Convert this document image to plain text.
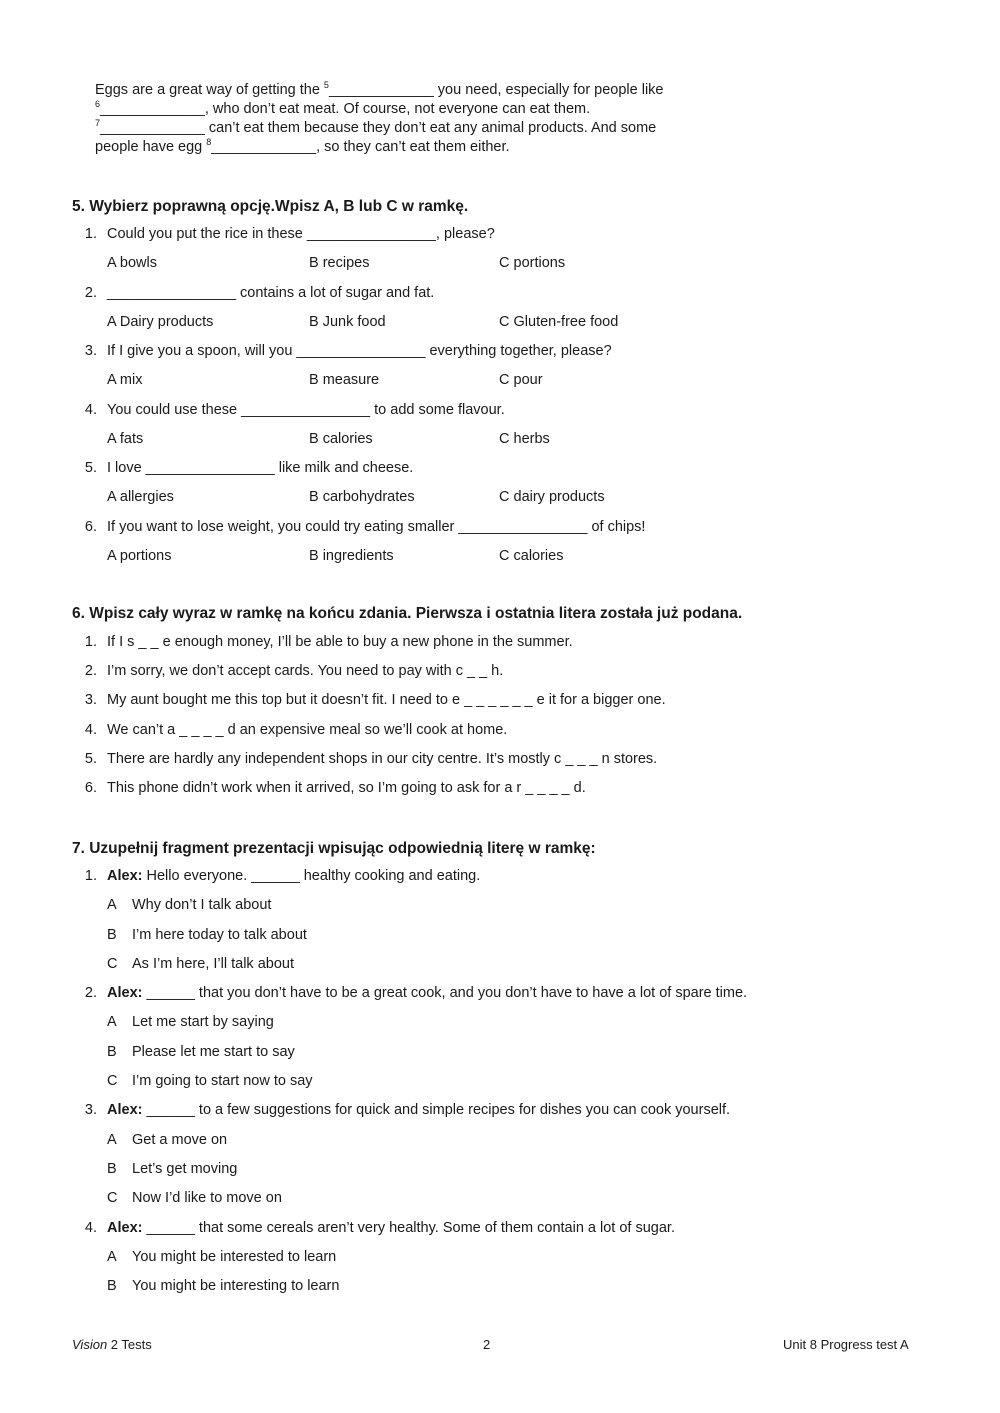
Eggs are a great way of getting the $^5$_____________ you need, especially for people like
$^6$_____________, who don’t eat meat. Of course, not everyone can eat them.
$^7$_____________ can’t eat them because they don’t eat any animal products. And some
people have egg $^8$_____________, so they can’t eat them either.
5. Wybierz poprawną opcję.Wpisz A, B lub C w ramkę.
1. Could you put the rice in these ________________, please?
A bowls	B recipes	C portions
2. ________________ contains a lot of sugar and fat.
A Dairy products	B Junk food	C Gluten-free food
3. If I give you a spoon, will you ________________ everything together, please?
A mix	B measure	C pour
4. You could use these ________________ to add some flavour.
A fats	B calories	C herbs
5. I love ________________ like milk and cheese.
A allergies	B carbohydrates	C dairy products
6. If you want to lose weight, you could try eating smaller ________________ of chips!
A portions	B ingredients	C calories
6. Wpisz cały wyraz w ramkę na końcu zdania. Pierwsza i ostatnia litera została już podana.
1. If I s _ _ e enough money, I’ll be able to buy a new phone in the summer.
2. I’m sorry, we don’t accept cards. You need to pay with c _ _ h.
3. My aunt bought me this top but it doesn’t fit. I need to e _ _ _ _ _ _ e it for a bigger one.
4. We can’t a _ _ _ _ d an expensive meal so we’ll cook at home.
5. There are hardly any independent shops in our city centre. It’s mostly c _ _ _ n stores.
6. This phone didn’t work when it arrived, so I’m going to ask for a r _ _ _ _ d.
7. Uzupełnij fragment prezentacji wpisując odpowiednią literę w ramkę:
1. Alex: Hello everyone. ______ healthy cooking and eating.
A Why don’t I talk about
B I’m here today to talk about
C As I’m here, I’ll talk about
2. Alex: ______ that you don’t have to be a great cook, and you don’t have to have a lot of spare time.
A Let me start by saying
B Please let me start to say
C I’m going to start now to say
3. Alex: ______ to a few suggestions for quick and simple recipes for dishes you can cook yourself.
A Get a move on
B Let’s get moving
C Now I’d like to move on
4. Alex: ______ that some cereals aren’t very healthy. Some of them contain a lot of sugar.
A You might be interested to learn
B You might be interesting to learn
Vision 2 Tests	2	Unit 8 Progress test A
